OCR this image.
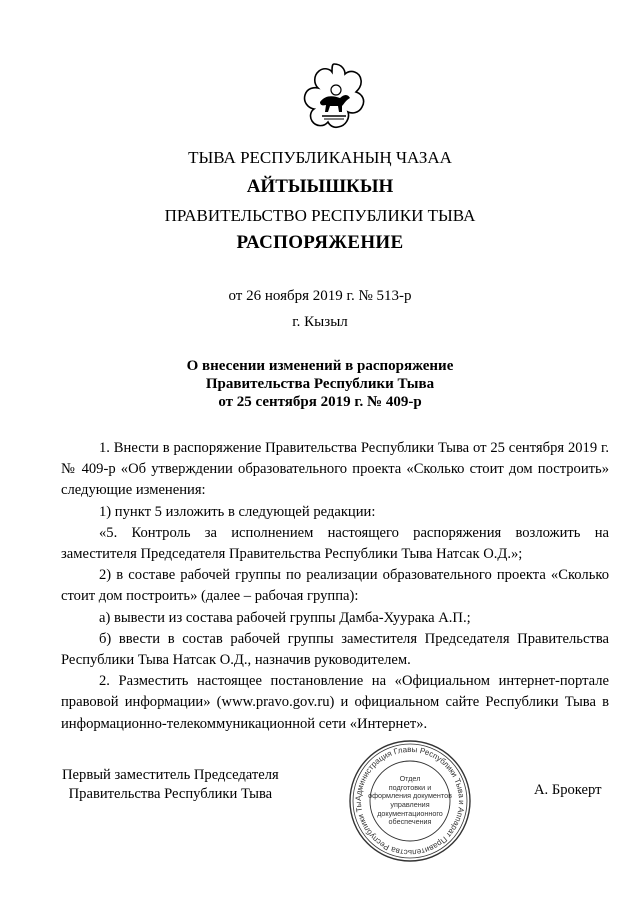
ТЫВА РЕСПУБЛИКАНЫҢ ЧАЗАА

АЙТЫЫШКЫН

ПРАВИТЕЛЬСТВО РЕСПУБЛИКИ ТЫВА

РАСПОРЯЖЕНИЕ

от 26 ноября 2019 г. № 513-р

г. Кызыл

О внесении изменений в распоряжение
Правительства Республики Тыва
от 25 сентября 2019 г. № 409-р

1. Внести в распоряжение Правительства Республики Тыва от 25 сентября 2019 г. № 409-р «Об утверждении образовательного проекта «Сколько стоит дом построить» следующие изменения:

1) пункт 5 изложить в следующей редакции:

«5. Контроль за исполнением настоящего распоряжения возложить на заместителя Председателя Правительства Республики Тыва Натсак О.Д.»;

2) в составе рабочей группы по реализации образовательного проекта «Сколько стоит дом построить» (далее – рабочая группа):

а) вывести из состава рабочей группы Дамба-Хуурака А.П.;

б) ввести в состав рабочей группы заместителя Председателя Правительства Республики Тыва Натсак О.Д., назначив руководителем.

2. Разместить настоящее постановление на «Официальном интернет-портале правовой информации» (www.pravo.gov.ru) и официальном сайте Республики Тыва в информационно-телекоммуникационной сети «Интернет».

Первый заместитель Председателя
Правительства Республики Тыва	Администрация Главы Республики Тыва и Аппарат Правительства Республики Ты
Отдел
подготовки и
оформления документов
управления
документационного
обеспечения
А. Брокерт
